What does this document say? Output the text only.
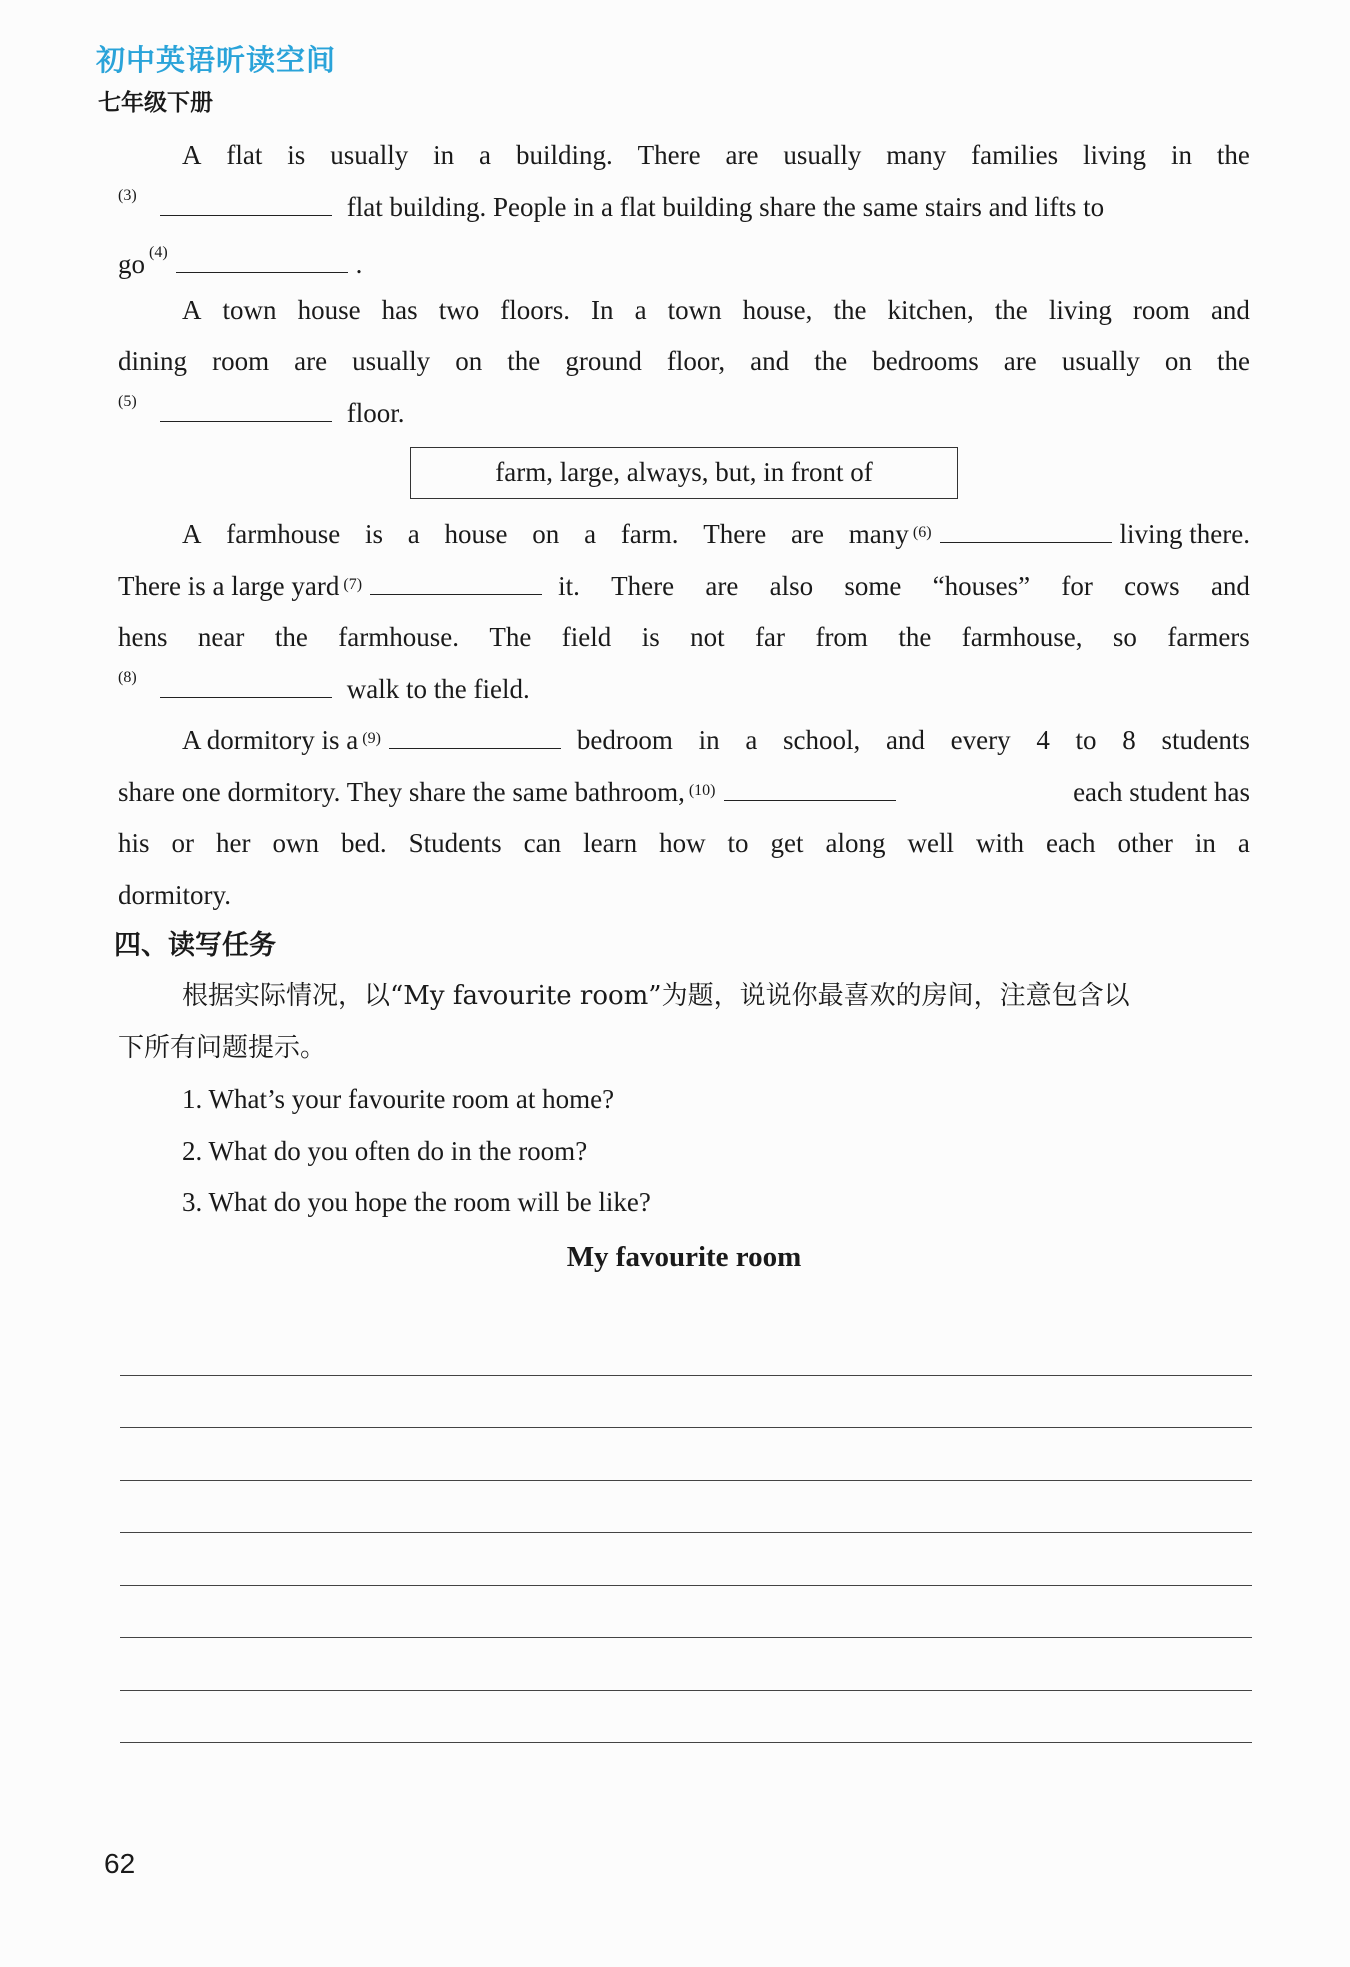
初中英语听读空间
七年级下册
A flat is usually in a building. There are usually many families living in the
(3)	flat building. People in a flat building share the same stairs and lifts to
go $^{(4)}$	.
A town house has two floors. In a town house, the kitchen, the living room and
dining room are usually on the ground floor, and the bedrooms are usually on the
(5)	floor.
farm, large, always, but, in front of
A farmhouse is a house on a farm. There are many (6)	living there.
There is a large yard (7)	it. There are also some “houses” for cows and
hens near the farmhouse. The field is not far from the farmhouse, so farmers
(8)	walk to the field.
A dormitory is a (9)	bedroom in a school, and every 4 to 8 students
share one dormitory. They share the same bathroom, (10)	each student has
his or her own bed. Students can learn how to get along well with each other in a
dormitory.
四、读写任务
根据实际情况，以“My favourite room”为题，说说你最喜欢的房间，注意包含以
下所有问题提示。
1. What’s your favourite room at home?
2. What do you often do in the room?
3. What do you hope the room will be like?
My favourite room
62
